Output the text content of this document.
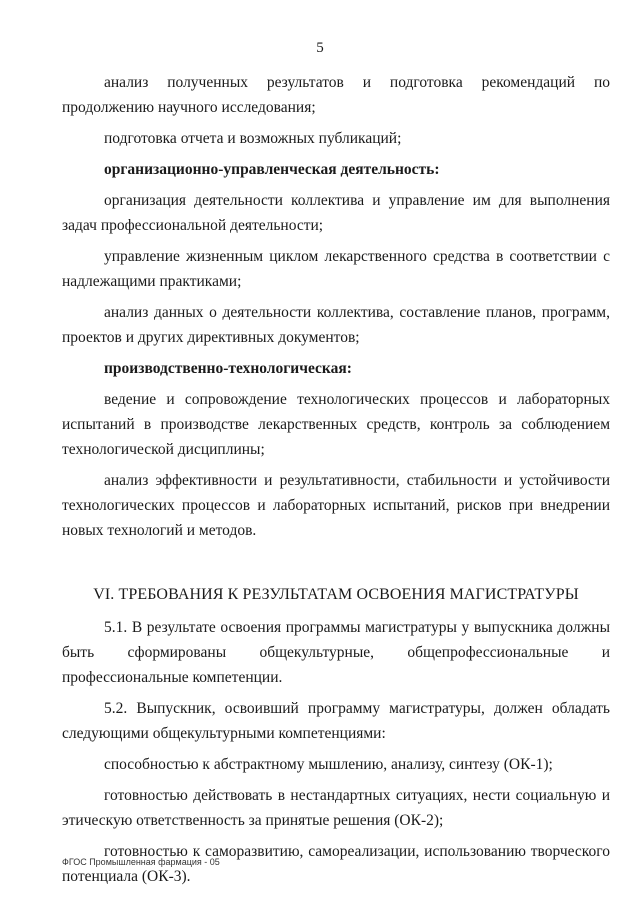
5

анализ полученных результатов и подготовка рекомендаций по продолжению научного исследования;

подготовка отчета и возможных публикаций;

организационно-управленческая деятельность:

организация деятельности коллектива и управление им для выполнения задач профессиональной деятельности;

управление жизненным циклом лекарственного средства в соответствии с надлежащими практиками;

анализ данных о деятельности коллектива, составление планов, программ, проектов и других директивных документов;

производственно-технологическая:

ведение и сопровождение технологических процессов и лабораторных испытаний в производстве лекарственных средств, контроль за соблюдением технологической дисциплины;

анализ эффективности и результативности, стабильности и устойчивости технологических процессов и лабораторных испытаний, рисков при внедрении новых технологий и методов.

VI. ТРЕБОВАНИЯ К РЕЗУЛЬТАТАМ ОСВОЕНИЯ МАГИСТРАТУРЫ

5.1. В результате освоения программы магистратуры у выпускника должны быть сформированы общекультурные, общепрофессиональные и профессиональные компетенции.

5.2. Выпускник, освоивший программу магистратуры, должен обладать следующими общекультурными компетенциями:

способностью к абстрактному мышлению, анализу, синтезу (ОК-1);

готовностью действовать в нестандартных ситуациях, нести социальную и этическую ответственность за принятые решения (ОК-2);

готовностью к саморазвитию, самореализации, использованию творческого потенциала (ОК-3).

ФГОС Промышленная фармация - 05
